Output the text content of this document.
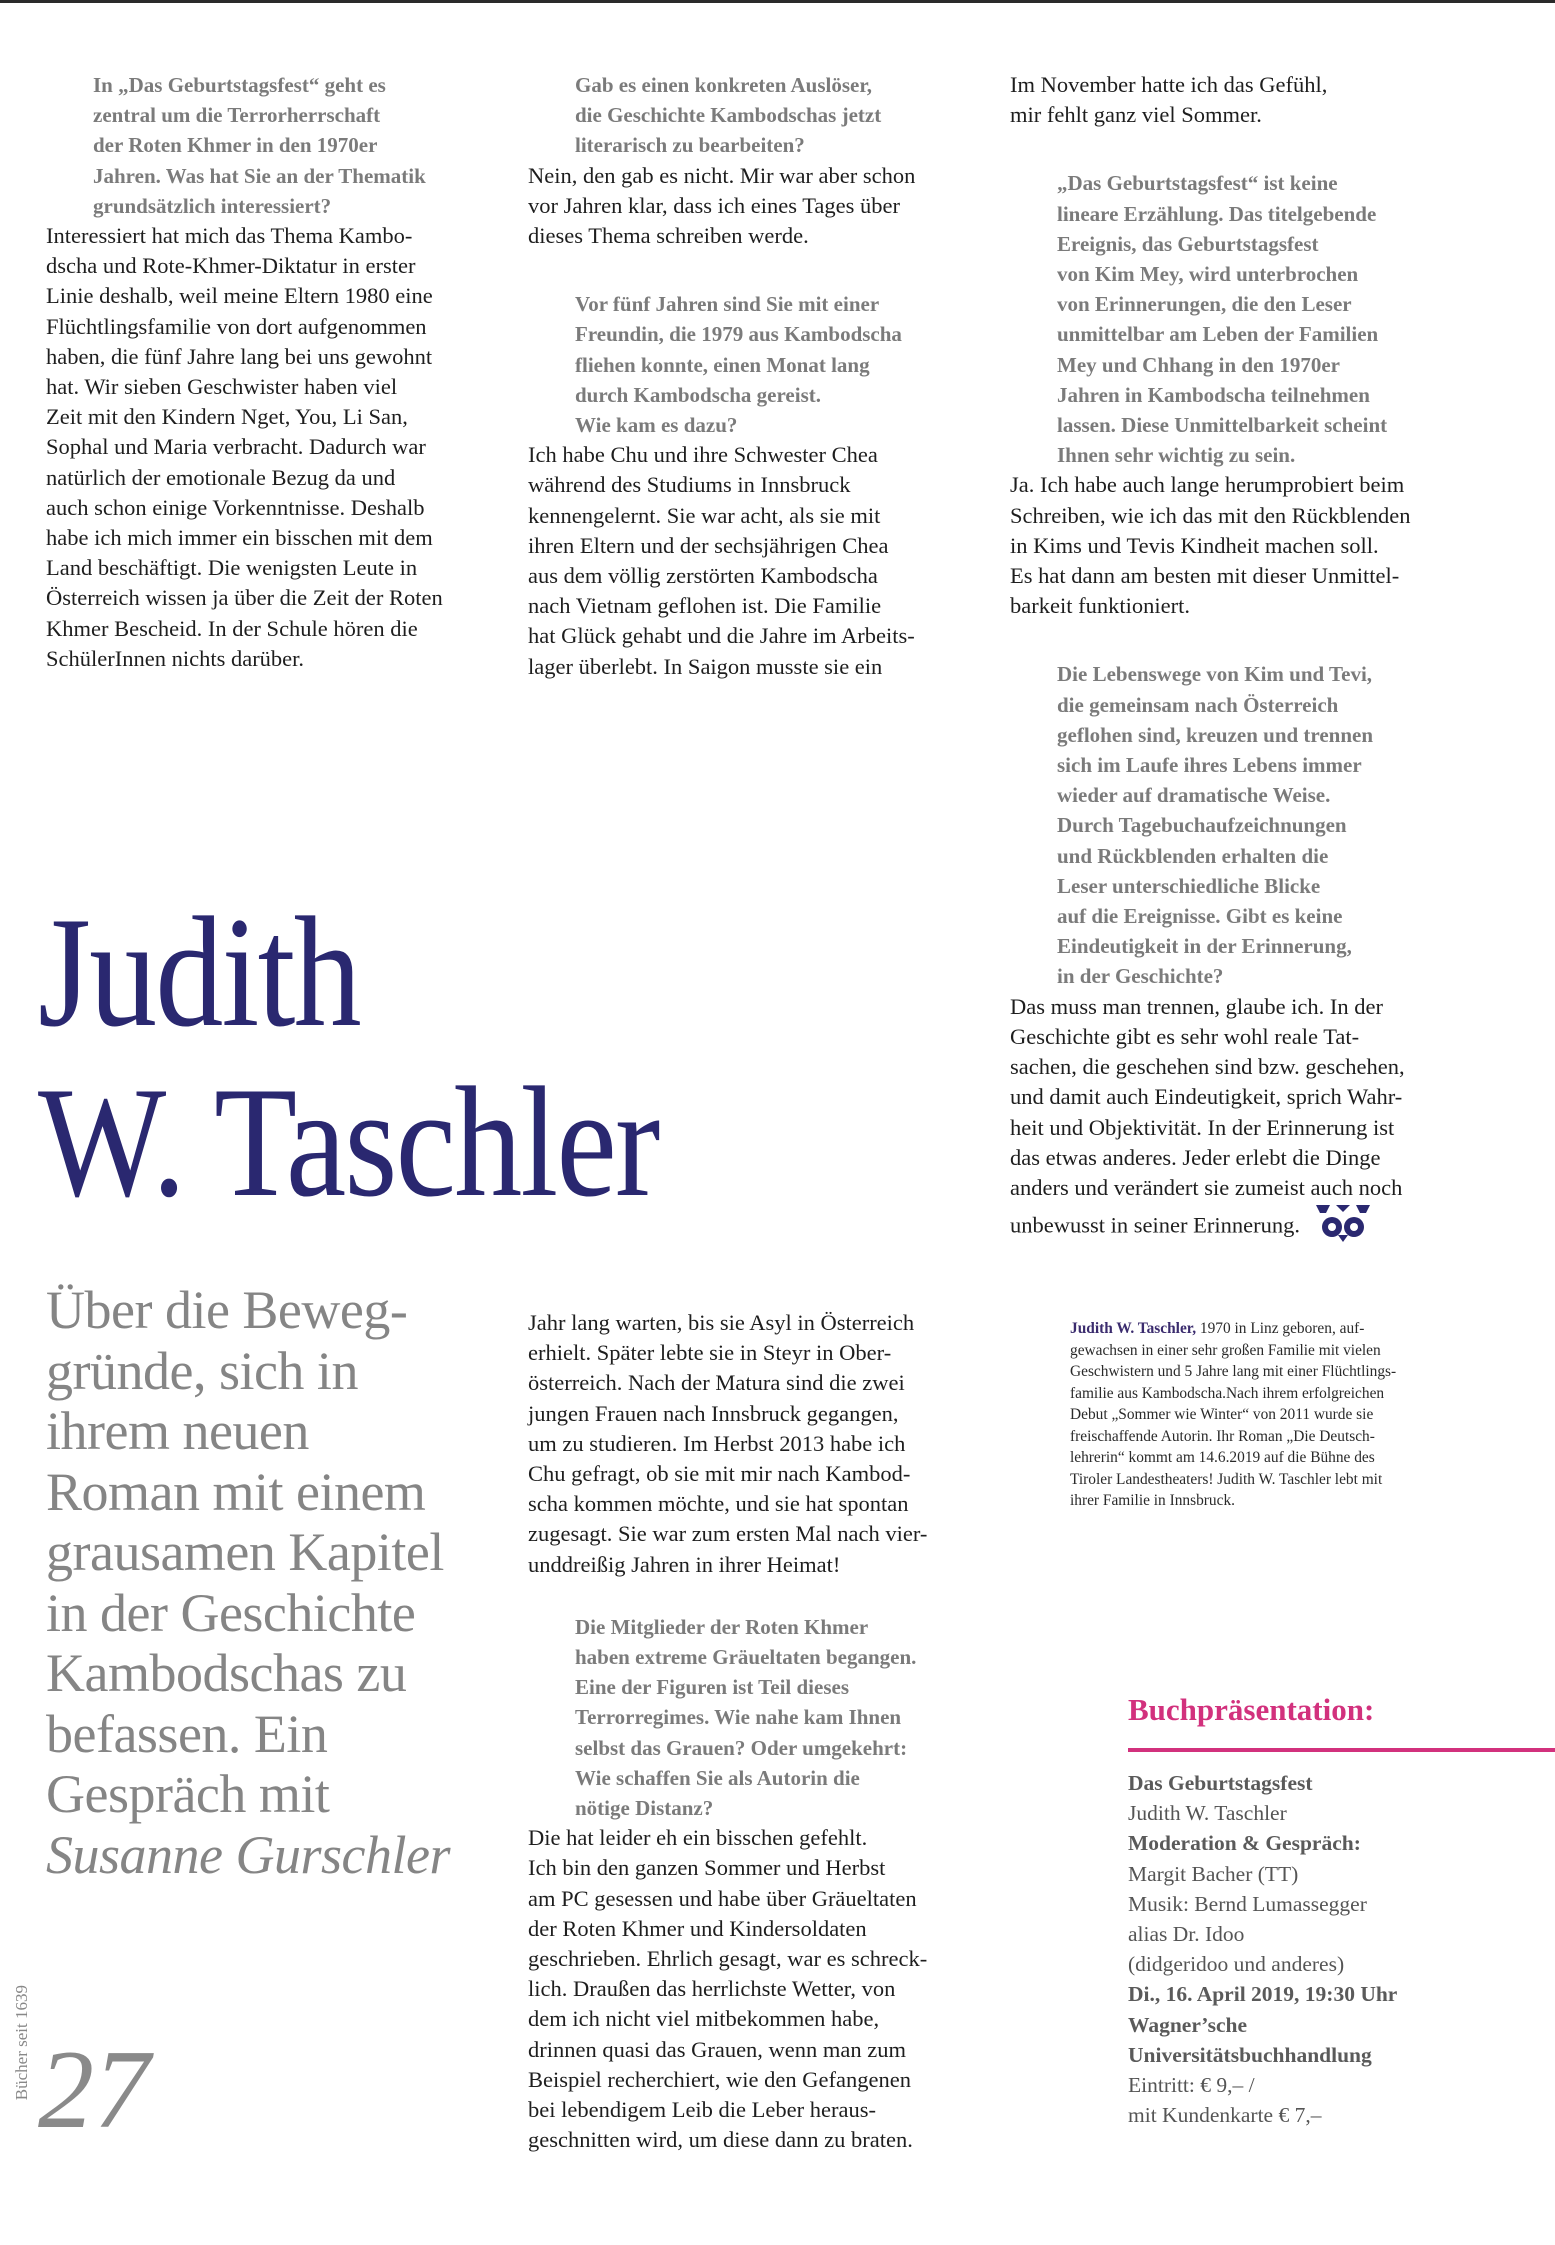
In „Das Geburtstagsfest“ geht es
zentral um die Terrorherrschaft
der Roten Khmer in den 1970er
Jahren. Was hat Sie an der Thematik
grundsätzlich interessiert?
Interessiert hat mich das Thema Kambo-
dscha und Rote-Khmer-Diktatur in erster
Linie deshalb, weil meine Eltern 1980 eine
Flüchtlingsfamilie von dort aufgenommen
haben, die fünf Jahre lang bei uns gewohnt
hat. Wir sieben Geschwister haben viel
Zeit mit den Kindern Nget, You, Li San,
Sophal und Maria verbracht. Dadurch war
natürlich der emotionale Bezug da und
auch schon einige Vorkenntnisse. Deshalb
habe ich mich immer ein bisschen mit dem
Land beschäftigt. Die wenigsten Leute in
Österreich wissen ja über die Zeit der Roten
Khmer Bescheid. In der Schule hören die
SchülerInnen nichts darüber.
Gab es einen konkreten Auslöser,
die Geschichte Kambodschas jetzt
literarisch zu bearbeiten?
Nein, den gab es nicht. Mir war aber schon
vor Jahren klar, dass ich eines Tages über
dieses Thema schreiben werde.
Vor fünf Jahren sind Sie mit einer
Freundin, die 1979 aus Kambodscha
fliehen konnte, einen Monat lang
durch Kambodscha gereist.
Wie kam es dazu?
Ich habe Chu und ihre Schwester Chea
während des Studiums in Innsbruck
kennengelernt. Sie war acht, als sie mit
ihren Eltern und der sechsjährigen Chea
aus dem völlig zerstörten Kambodscha
nach Vietnam geflohen ist. Die Familie
hat Glück gehabt und die Jahre im Arbeits-
lager überlebt. In Saigon musste sie ein
Im November hatte ich das Gefühl,
mir fehlt ganz viel Sommer.
„Das Geburtstagsfest“ ist keine
lineare Erzählung. Das titelgebende
Ereignis, das Geburtstagsfest
von Kim Mey, wird unterbrochen
von Erinnerungen, die den Leser
unmittelbar am Leben der Familien
Mey und Chhang in den 1970er
Jahren in Kambodscha teilnehmen
lassen. Diese Unmittelbarkeit scheint
Ihnen sehr wichtig zu sein.
Ja. Ich habe auch lange herumprobiert beim
Schreiben, wie ich das mit den Rückblenden
in Kims und Tevis Kindheit machen soll.
Es hat dann am besten mit dieser Unmittel-
barkeit funktioniert.
Die Lebenswege von Kim und Tevi,
die gemeinsam nach Österreich
geflohen sind, kreuzen und trennen
sich im Laufe ihres Lebens immer
wieder auf dramatische Weise.
Durch Tagebuchaufzeichnungen
und Rückblenden erhalten die
Leser unterschiedliche Blicke
auf die Ereignisse. Gibt es keine
Eindeutigkeit in der Erinnerung,
in der Geschichte?
Das muss man trennen, glaube ich. In der
Geschichte gibt es sehr wohl reale Tat-
sachen, die geschehen sind bzw. geschehen,
und damit auch Eindeutigkeit, sprich Wahr-
heit und Objektivität. In der Erinnerung ist
das etwas anderes. Jeder erlebt die Dinge
anders und verändert sie zumeist auch noch
unbewusst in seiner Erinnerung.
Judith
W. Taschler
Über die Beweg-
gründe, sich in
ihrem neuen
Roman mit einem
grausamen Kapitel
in der Geschichte
Kambodschas zu
befassen. Ein
Gespräch mit
Susanne Gurschler
Jahr lang warten, bis sie Asyl in Österreich
erhielt. Später lebte sie in Steyr in Ober-
österreich. Nach der Matura sind die zwei
jungen Frauen nach Innsbruck gegangen,
um zu studieren. Im Herbst 2013 habe ich
Chu gefragt, ob sie mit mir nach Kambod-
scha kommen möchte, und sie hat spontan
zugesagt. Sie war zum ersten Mal nach vier-
unddreißig Jahren in ihrer Heimat!
Die Mitglieder der Roten Khmer
haben extreme Gräueltaten begangen.
Eine der Figuren ist Teil dieses
Terrorregimes. Wie nahe kam Ihnen
selbst das Grauen? Oder umgekehrt:
Wie schaffen Sie als Autorin die
nötige Distanz?
Die hat leider eh ein bisschen gefehlt.
Ich bin den ganzen Sommer und Herbst
am PC gesessen und habe über Gräueltaten
der Roten Khmer und Kindersoldaten
geschrieben. Ehrlich gesagt, war es schreck-
lich. Draußen das herrlichste Wetter, von
dem ich nicht viel mitbekommen habe,
drinnen quasi das Grauen, wenn man zum
Beispiel recherchiert, wie den Gefangenen
bei lebendigem Leib die Leber heraus-
geschnitten wird, um diese dann zu braten.
Judith W. Taschler, 1970 in Linz geboren, auf-
gewachsen in einer sehr großen Familie mit vielen
Geschwistern und 5 Jahre lang mit einer Flüchtlings-
familie aus Kambodscha.Nach ihrem erfolgreichen
Debut „Sommer wie Winter“ von 2011 wurde sie
freischaffende Autorin. Ihr Roman „Die Deutsch-
lehrerin“ kommt am 14.6.2019 auf die Bühne des
Tiroler Landestheaters! Judith W. Taschler lebt mit
ihrer Familie in Innsbruck.
Buchpräsentation:
Das Geburtstagsfest
Judith W. Taschler
Moderation & Gespräch:
Margit Bacher (TT)
Musik: Bernd Lumassegger
alias Dr. Idoo
(didgeridoo und anderes)
Di., 16. April 2019, 19:30 Uhr
Wagner’sche
Universitätsbuchhandlung
Eintritt: € 9,– /
mit Kundenkarte € 7,–
Bücher seit 1639 27
